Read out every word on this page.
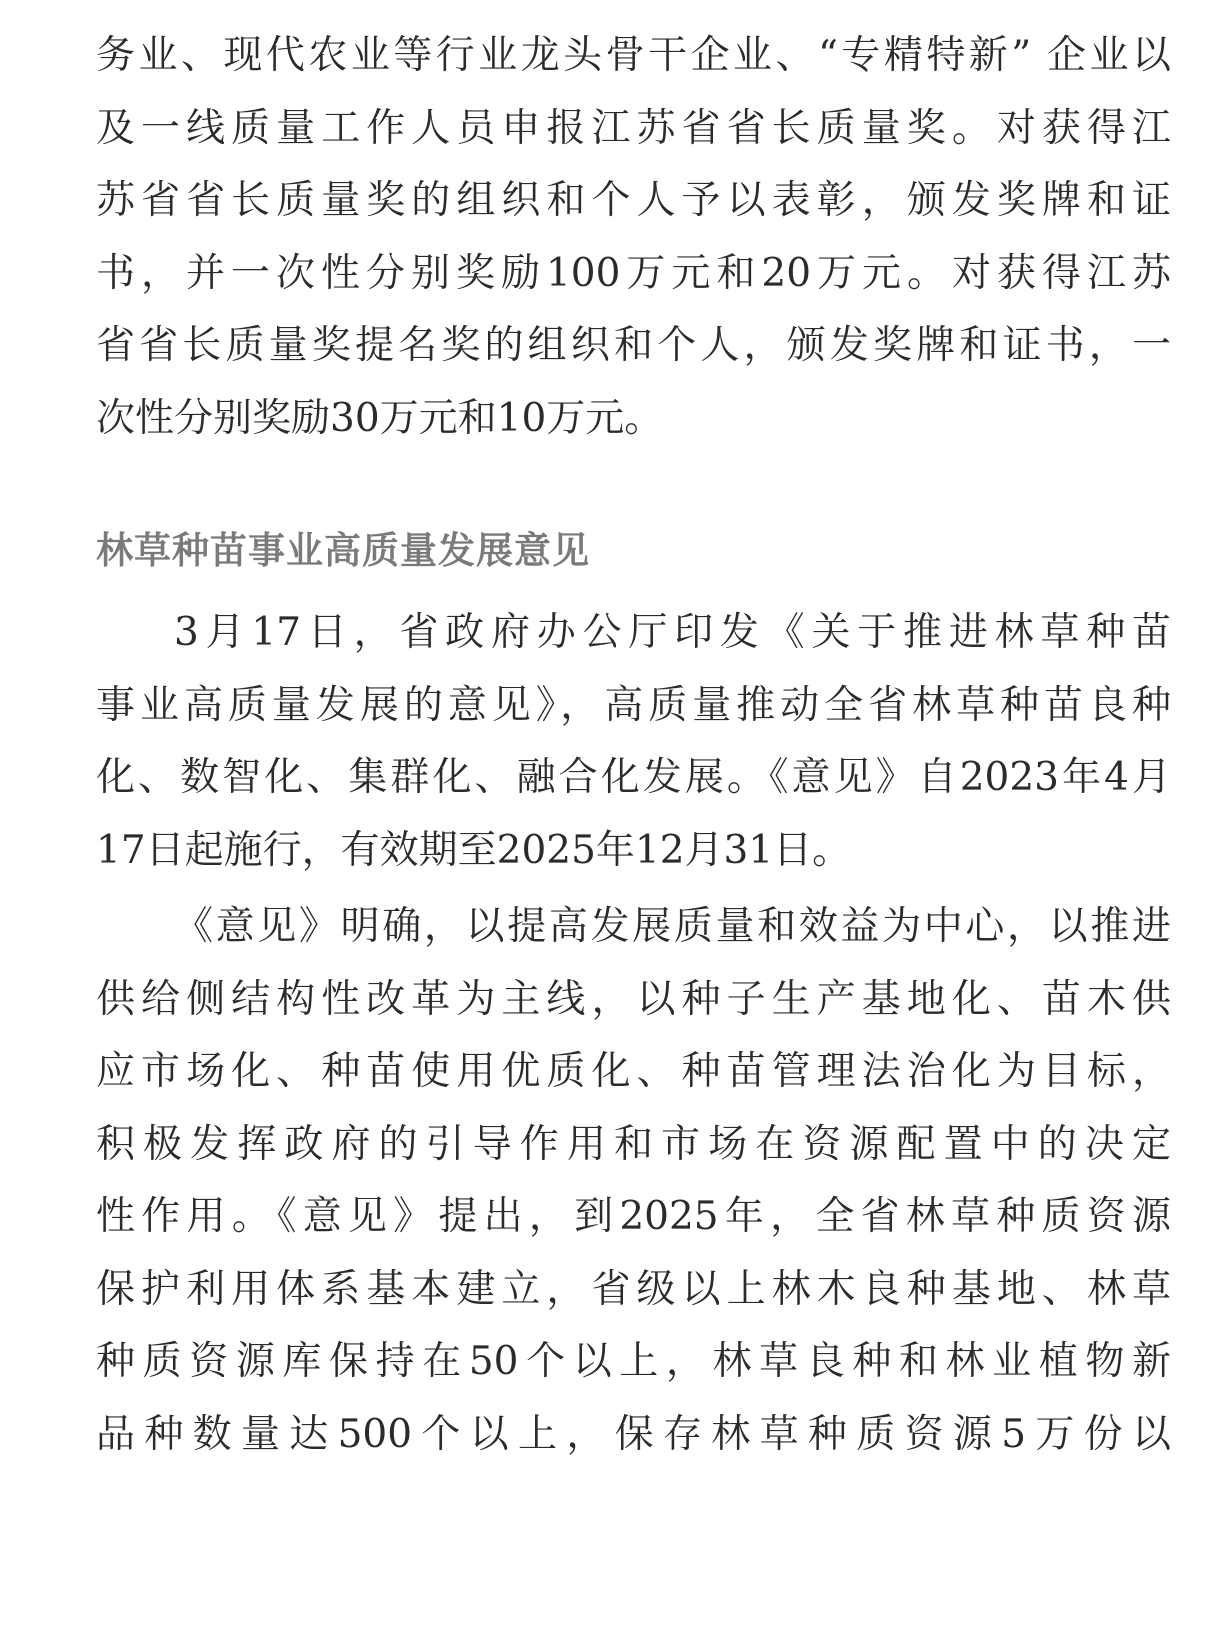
务业、现代农业等行业龙头骨干企业、“专精特新” 企业以
及一线质量工作人员申报江苏省省长质量奖。对获得江
苏省省长质量奖的组织和个人予以表彰，颁发奖牌和证
书，并一次性分别奖励100万元和20万元。对获得江苏
省省长质量奖提名奖的组织和个人，颁发奖牌和证书，一
次性分别奖励30万元和10万元。
林草种苗事业高质量发展意见
3月17日，省政府办公厅印发《关于推进林草种苗
事业高质量发展的意见》，高质量推动全省林草种苗良种
化、数智化、集群化、融合化发展。《意见》自2023年4月
17日起施行，有效期至2025年12月31日。
《意见》明确，以提高发展质量和效益为中心，以推进
供给侧结构性改革为主线，以种子生产基地化、苗木供
应市场化、种苗使用优质化、种苗管理法治化为目标，
积极发挥政府的引导作用和市场在资源配置中的决定
性作用。《意见》提出，到2025年，全省林草种质资源
保护利用体系基本建立，省级以上林木良种基地、林草
种质资源库保持在50个以上，林草良种和林业植物新
品种数量达500个以上，保存林草种质资源5万份以
